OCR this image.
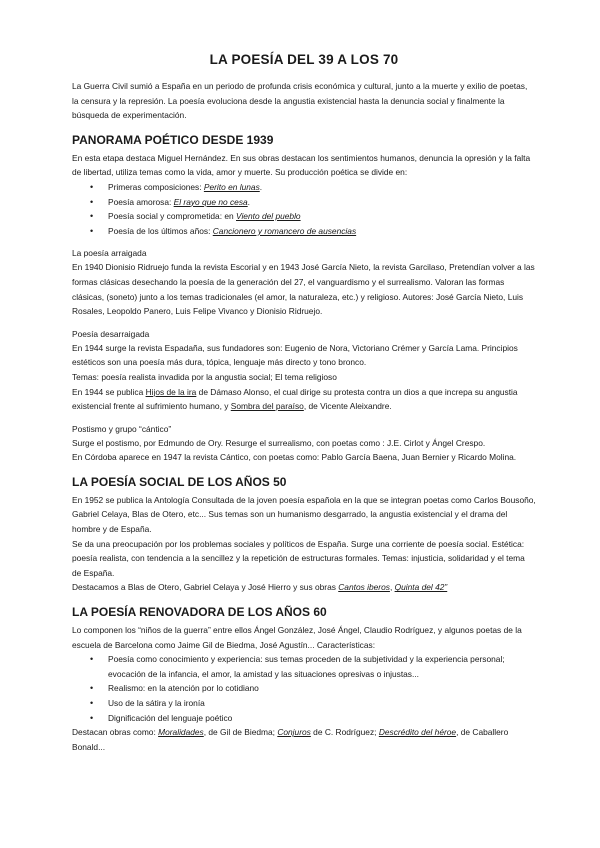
LA POESÍA DEL 39 A LOS 70

La Guerra Civil sumió a España en un periodo de profunda crisis económica y cultural, junto a la muerte y exilio de poetas, la censura y la represión. La poesía evoluciona desde la angustia existencial hasta la denuncia social y finalmente la búsqueda de experimentación.

PANORAMA POÉTICO DESDE 1939

En esta etapa destaca Miguel Hernández. En sus obras destacan los sentimientos humanos, denuncia la opresión y la falta de libertad, utiliza temas como la vida, amor y muerte. Su producción poética se divide en:

• Primeras composiciones: Perito en lunas.
• Poesía amorosa: El rayo que no cesa.
• Poesía social y comprometida: en Viento del pueblo
• Poesía de los últimos años: Cancionero y romancero de ausencias
La poesía arraigada

En 1940 Dionisio Ridruejo funda la revista Escorial y en 1943 José García Nieto, la revista Garcilaso, Pretendían volver a las formas clásicas desechando la poesía de la generación del 27, el vanguardismo y el surrealismo. Valoran las formas clásicas, (soneto) junto a los temas tradicionales (el amor, la naturaleza, etc.) y religioso. Autores: José García Nieto, Luis Rosales, Leopoldo Panero, Luis Felipe Vivanco y Dionisio Ridruejo.

Poesía desarraigada

En 1944 surge la revista Espadaña, sus fundadores son: Eugenio de Nora, Victoriano Crémer y García Lama. Principios estéticos son una poesía más dura, tópica, lenguaje más directo y tono bronco.

Temas: poesía realista invadida por la angustia social; El tema religioso

En 1944 se publica Hijos de la ira de Dámaso Alonso, el cual dirige su protesta contra un dios a que increpa su angustia existencial frente al sufrimiento humano, y Sombra del paraíso, de Vicente Aleixandre.

Postismo y grupo “cántico”

Surge el postismo, por Edmundo de Ory. Resurge el surrealismo, con poetas como : J.E. Cirlot y Ángel Crespo.

En Córdoba aparece en 1947 la revista Cántico, con poetas como: Pablo García Baena, Juan Bernier y Ricardo Molina.

LA POESÍA SOCIAL DE LOS AÑOS 50

En 1952 se publica la Antología Consultada de la joven poesía española en la que se integran poetas como Carlos Bousoño, Gabriel Celaya, Blas de Otero, etc... Sus temas son un humanismo desgarrado, la angustia existencial y el drama del hombre y de España.

Se da una preocupación por los problemas sociales y políticos de España. Surge una corriente de poesía social. Estética: poesía realista, con tendencia a la sencillez y la repetición de estructuras formales. Temas: injusticia, solidaridad y el tema de España.

Destacamos a Blas de Otero, Gabriel Celaya y José Hierro y sus obras Cantos iberos, Quinta del 42”

LA POESÍA RENOVADORA DE LOS AÑOS 60

Lo componen los “niños de la guerra” entre ellos Ángel González, José Ángel, Claudio Rodríguez, y algunos poetas de la escuela de Barcelona como Jaime Gil de Biedma, José Agustín... Características:

• Poesía como conocimiento y experiencia: sus temas proceden de la subjetividad y la experiencia personal; evocación de la infancia, el amor, la amistad y las situaciones opresivas o injustas...
• Realismo: en la atención por lo cotidiano
• Uso de la sátira y la ironía
• Dignificación del lenguaje poético

Destacan obras como: Moralidades, de Gil de Biedma; Conjuros de C. Rodríguez; Descrédito del héroe, de Caballero Bonald...
